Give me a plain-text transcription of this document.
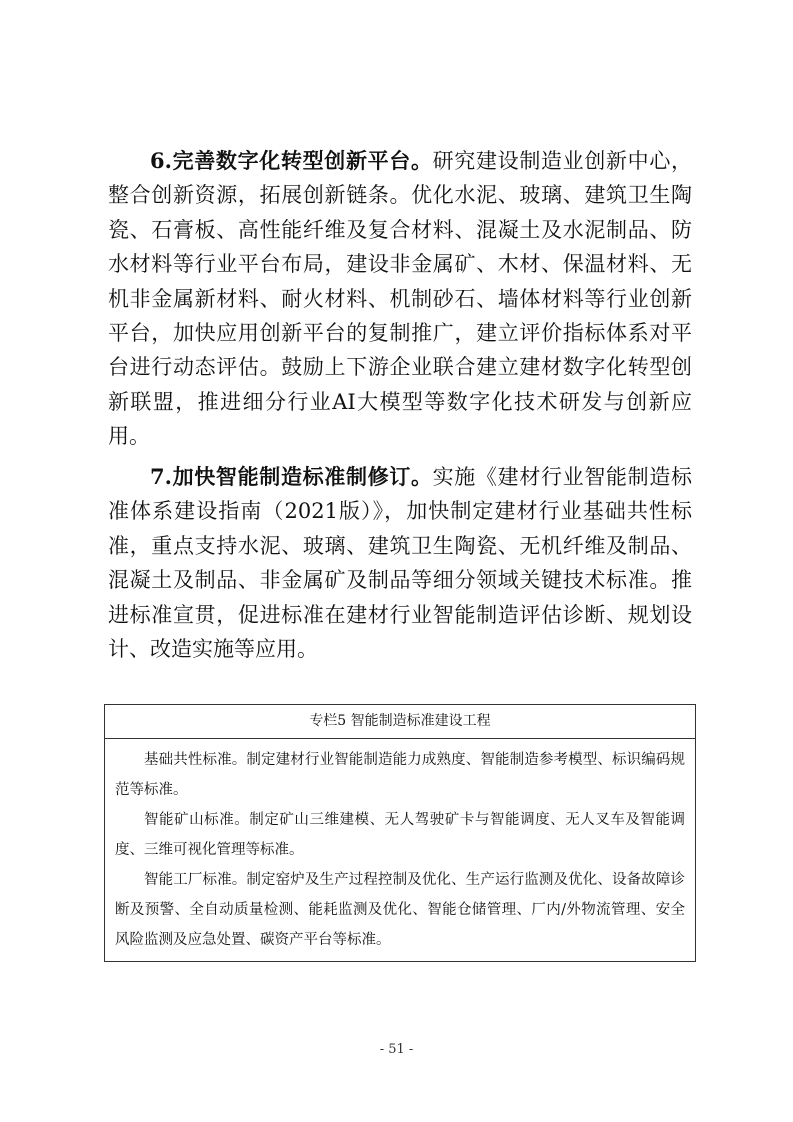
6.完善数字化转型创新平台。研究建设制造业创新中心，整合创新资源，拓展创新链条。优化水泥、玻璃、建筑卫生陶瓷、石膏板、高性能纤维及复合材料、混凝土及水泥制品、防水材料等行业平台布局，建设非金属矿、木材、保温材料、无机非金属新材料、耐火材料、机制砂石、墙体材料等行业创新平台，加快应用创新平台的复制推广，建立评价指标体系对平台进行动态评估。鼓励上下游企业联合建立建材数字化转型创新联盟，推进细分行业AI大模型等数字化技术研发与创新应用。

7.加快智能制造标准制修订。实施《建材行业智能制造标准体系建设指南（2021版）》，加快制定建材行业基础共性标准，重点支持水泥、玻璃、建筑卫生陶瓷、无机纤维及制品、混凝土及制品、非金属矿及制品等细分领域关键技术标准。推进标准宣贯，促进标准在建材行业智能制造评估诊断、规划设计、改造实施等应用。

专栏5 智能制造标准建设工程

基础共性标准。制定建材行业智能制造能力成熟度、智能制造参考模型、标识编码规范等标准。

智能矿山标准。制定矿山三维建模、无人驾驶矿卡与智能调度、无人叉车及智能调度、三维可视化管理等标准。

智能工厂标准。制定窑炉及生产过程控制及优化、生产运行监测及优化、设备故障诊断及预警、全自动质量检测、能耗监测及优化、智能仓储管理、厂内/外物流管理、安全风险监测及应急处置、碳资产平台等标准。

- 51 -
